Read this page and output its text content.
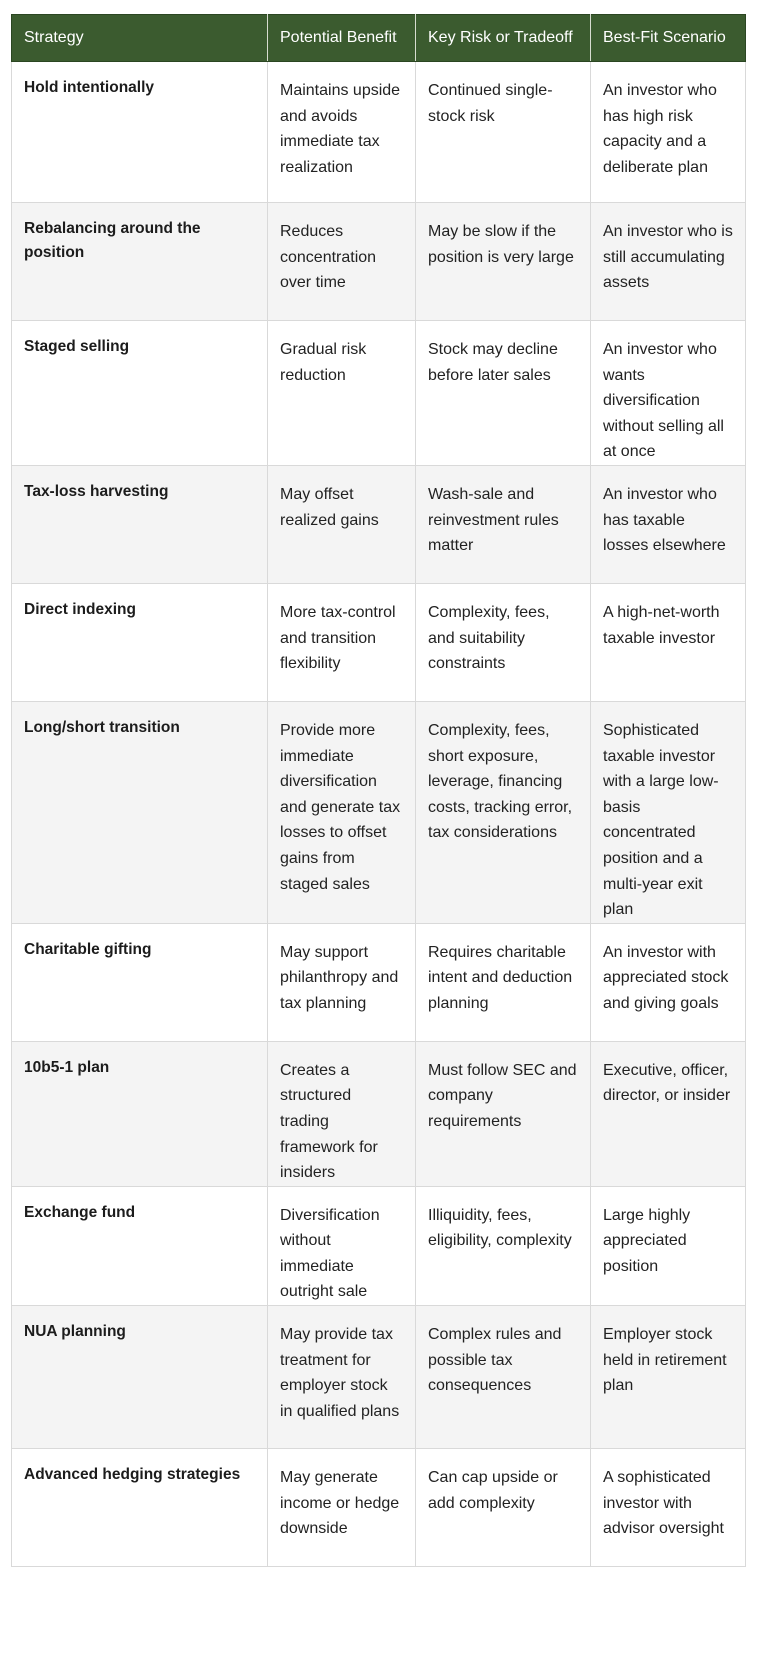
Strategy	Potential Benefit	Key Risk or Tradeoff	Best-Fit Scenario
Hold intentionally	Maintains upside and avoids immediate tax realization	Continued single-stock risk	An investor who has high risk capacity and a deliberate plan
Rebalancing around the position	Reduces concentration over time	May be slow if the position is very large	An investor who is still accumulating assets
Staged selling	Gradual risk reduction	Stock may decline before later sales	An investor who wants diversification without selling all at once
Tax-loss harvesting	May offset realized gains	Wash-sale and reinvestment rules matter	An investor who has taxable losses elsewhere
Direct indexing	More tax-control and transition flexibility	Complexity, fees, and suitability constraints	A high-net-worth taxable investor
Long/short transition	Provide more immediate diversification and generate tax losses to offset gains from staged sales	Complexity, fees, short exposure, leverage, financing costs, tracking error, tax considerations	Sophisticated taxable investor with a large low-basis concentrated position and a multi-year exit plan
Charitable gifting	May support philanthropy and tax planning	Requires charitable intent and deduction planning	An investor with appreciated stock and giving goals
10b5-1 plan	Creates a structured trading framework for insiders	Must follow SEC and company requirements	Executive, officer, director, or insider
Exchange fund	Diversification without immediate outright sale	Illiquidity, fees, eligibility, complexity	Large highly appreciated position
NUA planning	May provide tax treatment for employer stock in qualified plans	Complex rules and possible tax consequences	Employer stock held in retirement plan
Advanced hedging strategies	May generate income or hedge downside	Can cap upside or add complexity	A sophisticated investor with advisor oversight
